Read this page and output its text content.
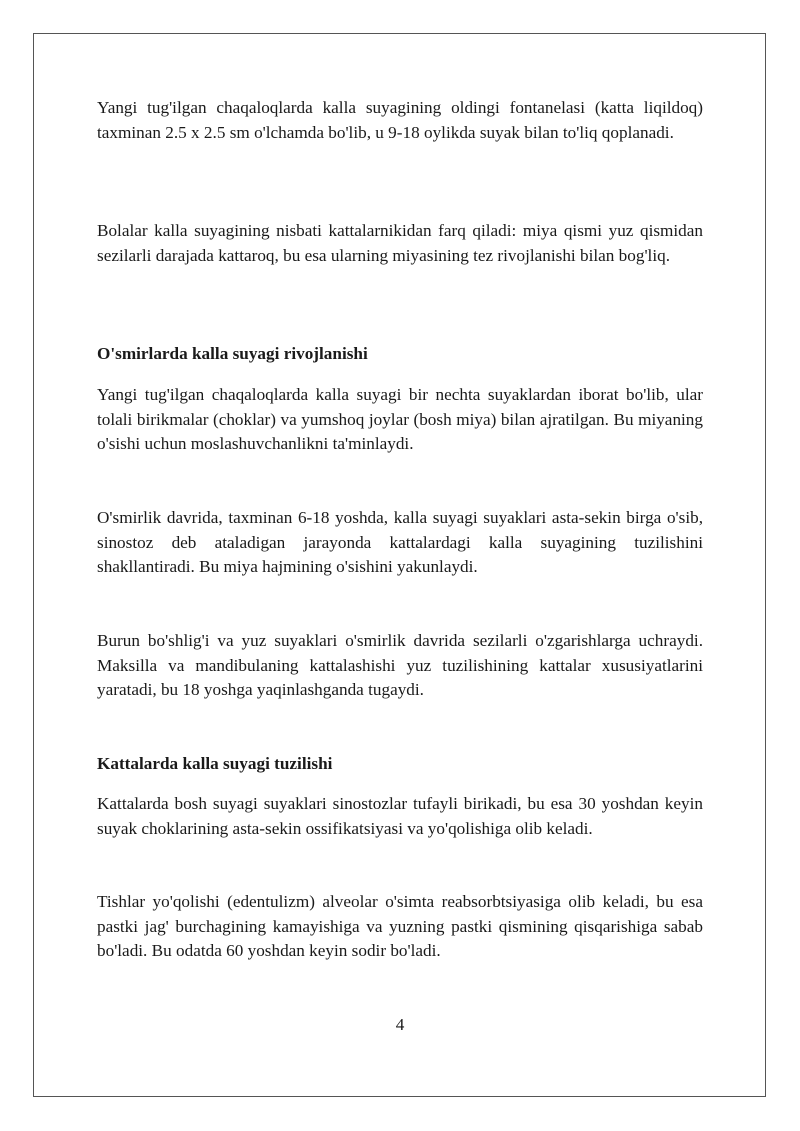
Yangi tug'ilgan chaqaloqlarda kalla suyagining oldingi fontanelasi (katta liqildoq) taxminan 2.5 x 2.5 sm o'lchamda bo'lib, u 9-18 oylikda suyak bilan to'liq qoplanadi.

Bolalar kalla suyagining nisbati kattalarnikidan farq qiladi: miya qismi yuz qismidan sezilarli darajada kattaroq, bu esa ularning miyasining tez rivojlanishi bilan bog'liq.

O'smirlarda kalla suyagi rivojlanishi

Yangi tug'ilgan chaqaloqlarda kalla suyagi bir nechta suyaklardan iborat bo'lib, ular tolali birikmalar (choklar) va yumshoq joylar (bosh miya) bilan ajratilgan. Bu miyaning o'sishi uchun moslashuvchanlikni ta'minlaydi.

O'smirlik davrida, taxminan 6-18 yoshda, kalla suyagi suyaklari asta-sekin birga o'sib, sinostoz deb ataladigan jarayonda kattalardagi kalla suyagining tuzilishini shakllantiradi. Bu miya hajmining o'sishini yakunlaydi.

Burun bo'shlig'i va yuz suyaklari o'smirlik davrida sezilarli o'zgarishlarga uchraydi. Maksilla va mandibulaning kattalashishi yuz tuzilishining kattalar xususiyatlarini yaratadi, bu 18 yoshga yaqinlashganda tugaydi.

Kattalarda kalla suyagi tuzilishi

Kattalarda bosh suyagi suyaklari sinostozlar tufayli birikadi, bu esa 30 yoshdan keyin suyak choklarining asta-sekin ossifikatsiyasi va yo'qolishiga olib keladi.

Tishlar yo'qolishi (edentulizm) alveolar o'simta reabsorbtsiyasiga olib keladi, bu esa pastki jag' burchagining kamayishiga va yuzning pastki qismining qisqarishiga sabab bo'ladi. Bu odatda 60 yoshdan keyin sodir bo'ladi.

4
